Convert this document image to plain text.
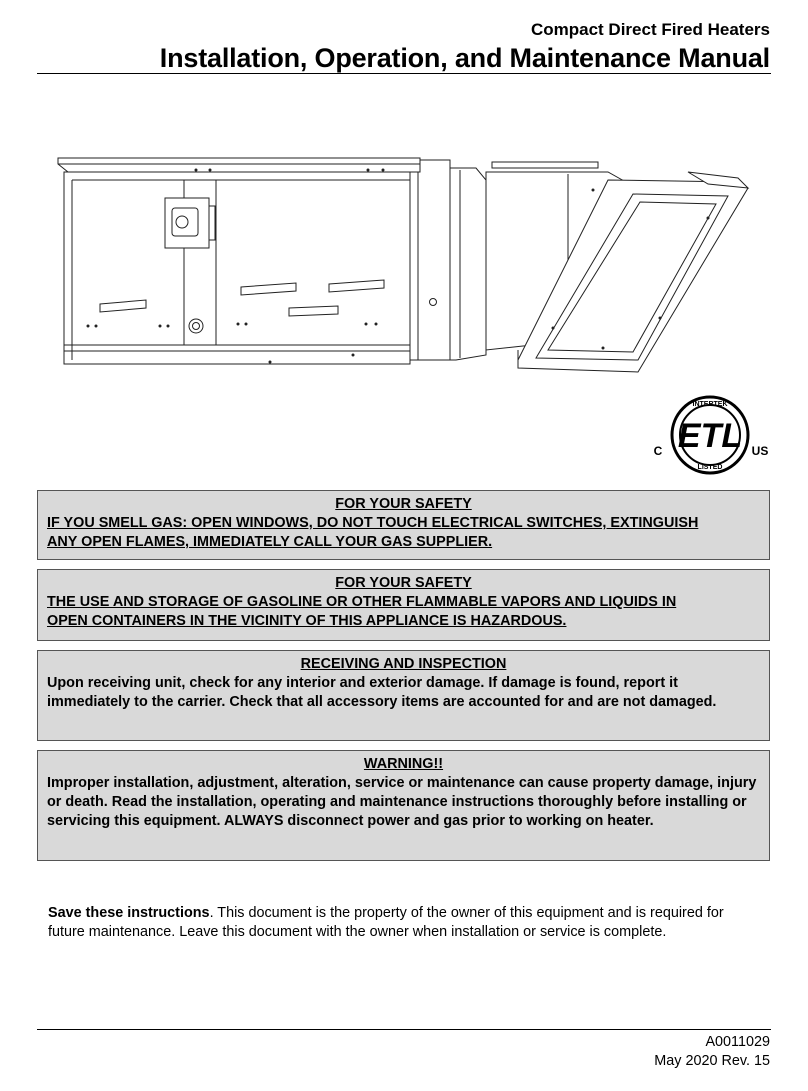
Compact Direct Fired Heaters
Installation, Operation, and Maintenance Manual
INTERTEK
LISTED
ETL
C	US
FOR YOUR SAFETY
IF YOU SMELL GAS: OPEN WINDOWS, DO NOT TOUCH ELECTRICAL SWITCHES, EXTINGUISH
ANY OPEN FLAMES, IMMEDIATELY CALL YOUR GAS SUPPLIER.
FOR YOUR SAFETY
THE USE AND STORAGE OF GASOLINE OR OTHER FLAMMABLE VAPORS AND LIQUIDS IN
OPEN CONTAINERS IN THE VICINITY OF THIS APPLIANCE IS HAZARDOUS.
RECEIVING AND INSPECTION
Upon receiving unit, check for any interior and exterior damage. If damage is found, report it immediately to the carrier. Check that all accessory items are accounted for and are not damaged.
WARNING!!
Improper installation, adjustment, alteration, service or maintenance can cause property damage, injury or death. Read the installation, operating and maintenance instructions thoroughly before installing or servicing this equipment. ALWAYS disconnect power and gas prior to working on heater.
Save these instructions. This document is the property of the owner of this equipment and is required for future maintenance. Leave this document with the owner when installation or service is complete.
A0011029
May 2020 Rev. 15
